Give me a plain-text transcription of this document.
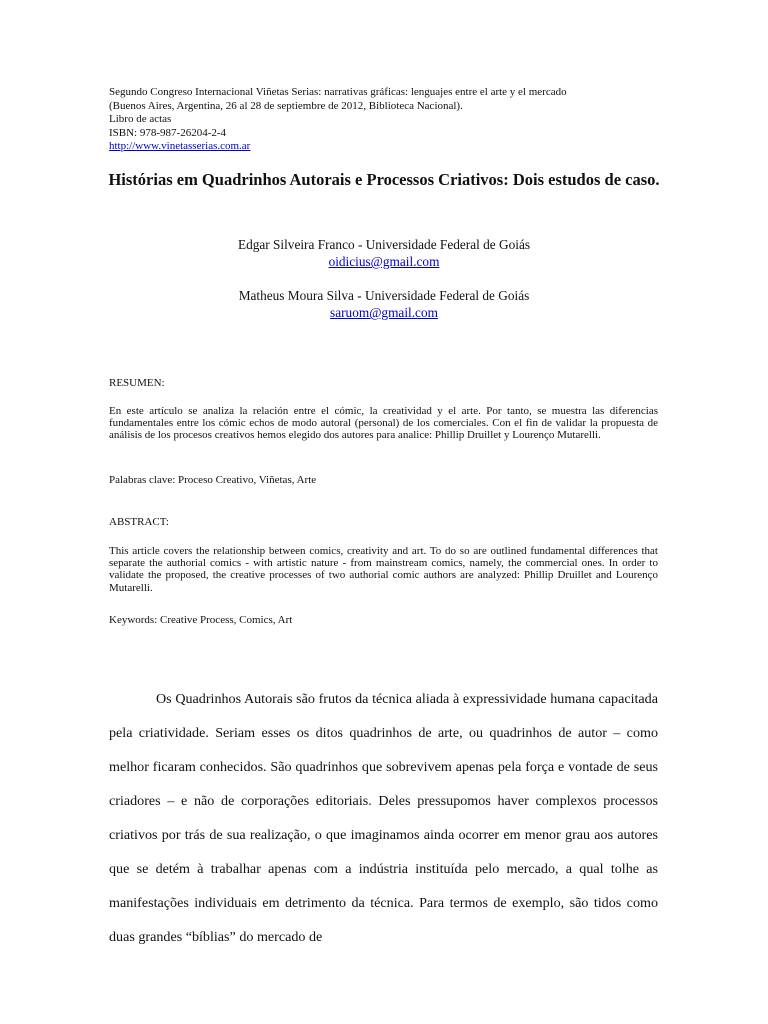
Segundo Congreso Internacional Viñetas Serias: narrativas gráficas: lenguajes entre el arte y el mercado
(Buenos Aires, Argentina, 26 al 28 de septiembre de 2012, Biblioteca Nacional).
Libro de actas
ISBN: 978-987-26204-2-4
http://www.vinetasserias.com.ar
Histórias em Quadrinhos Autorais e Processos Criativos: Dois estudos de caso.
Edgar Silveira Franco - Universidade Federal de Goiás
oidicius@gmail.com
Matheus Moura Silva - Universidade Federal de Goiás
saruom@gmail.com
RESUMEN:
En este artículo se analiza la relación entre el cómic, la creatividad y el arte. Por tanto, se muestra las diferencias fundamentales entre los cómic echos de modo autoral (personal) de los comerciales. Con el fin de validar la propuesta de análisis de los procesos creativos hemos elegido dos autores para analice: Phillip Druillet y Lourenço Mutarelli.
Palabras clave: Proceso Creativo, Viñetas, Arte
ABSTRACT:
This article covers the relationship between comics, creativity and art. To do so are outlined fundamental differences that separate the authorial comics - with artistic nature - from mainstream comics, namely, the commercial ones. In order to validate the proposed, the creative processes of two authorial comic authors are analyzed: Phillip Druillet and Lourenço Mutarelli.
Keywords: Creative Process, Comics, Art
Os Quadrinhos Autorais são frutos da técnica aliada à expressividade humana capacitada pela criatividade. Seriam esses os ditos quadrinhos de arte, ou quadrinhos de autor – como melhor ficaram conhecidos. São quadrinhos que sobrevivem apenas pela força e vontade de seus criadores – e não de corporações editoriais. Deles pressupomos haver complexos processos criativos por trás de sua realização, o que imaginamos ainda ocorrer em menor grau aos autores que se detém à trabalhar apenas com a indústria instituída pelo mercado, a qual tolhe as manifestações individuais em detrimento da técnica. Para termos de exemplo, são tidos como duas grandes “bíblias” do mercado de
